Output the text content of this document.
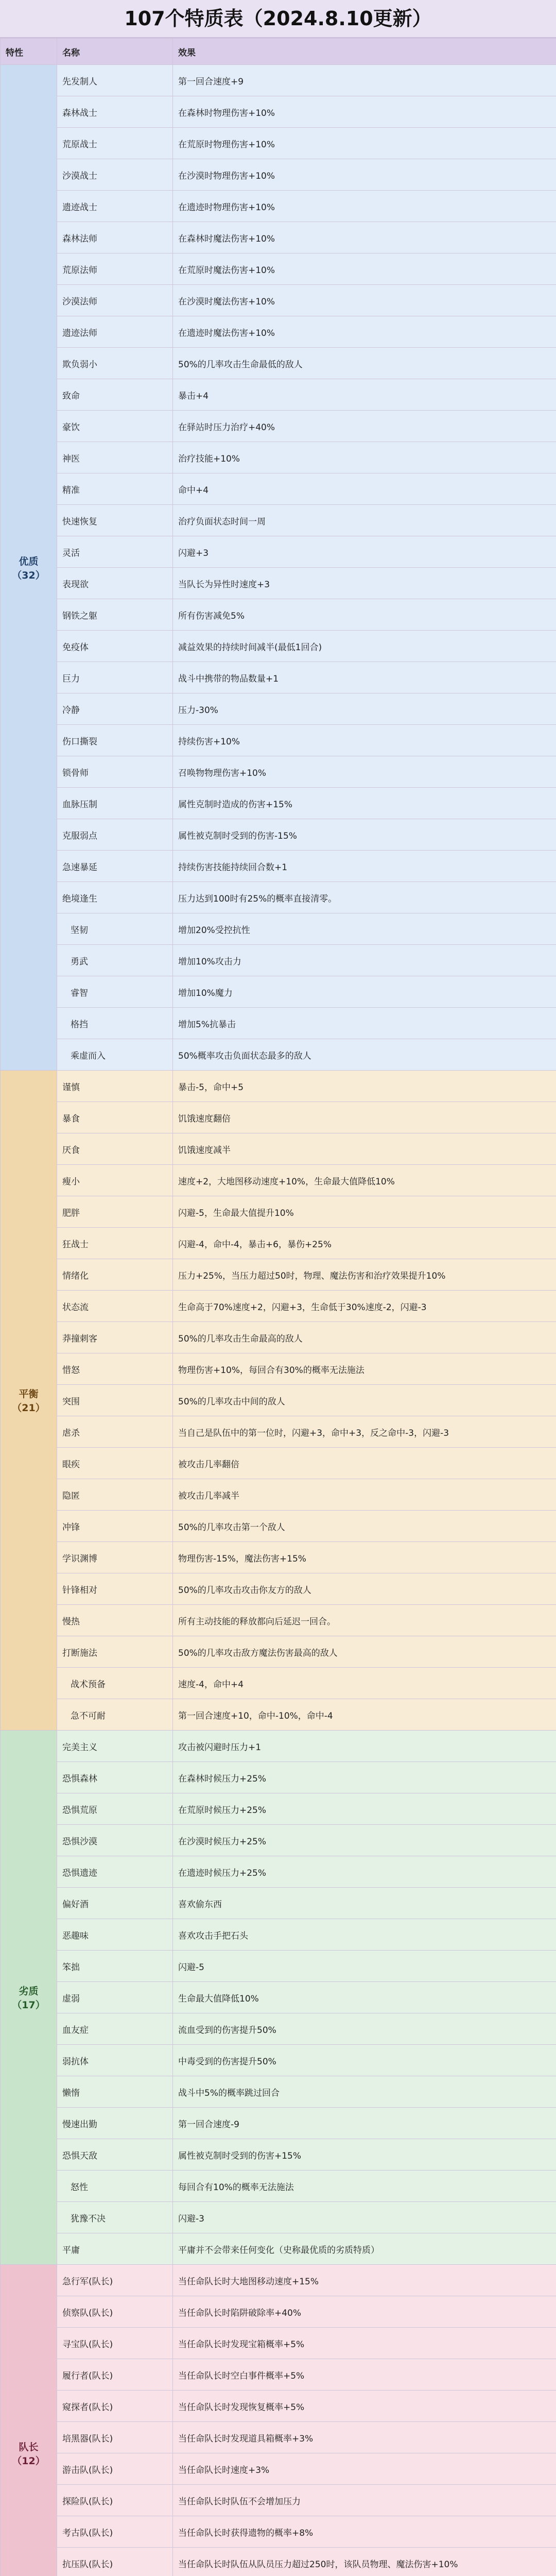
107个特质表（2024.8.10更新）
特性	名称	效果
优质（32）	先发制人	第一回合速度+9
	森林战士	在森林时物理伤害+10%
	荒原战士	在荒原时物理伤害+10%
	沙漠战士	在沙漠时物理伤害+10%
	遗迹战士	在遗迹时物理伤害+10%
	森林法师	在森林时魔法伤害+10%
	荒原法师	在荒原时魔法伤害+10%
	沙漠法师	在沙漠时魔法伤害+10%
	遗迹法师	在遗迹时魔法伤害+10%
	欺负弱小	50%的几率攻击生命最低的敌人
	致命	暴击+4
	豪饮	在驿站时压力治疗+40%
	神医	治疗技能+10%
	精准	命中+4
	快速恢复	治疗负面状态时间一周
	灵活	闪避+3
	表现欲	当队长为异性时速度+3
	钢铁之躯	所有伤害减免5%
	免疫体	减益效果的持续时间减半(最低1回合)
	巨力	战斗中携带的物品数量+1
	冷静	压力-30%
	伤口撕裂	持续伤害+10%
	锁骨师	召唤物物理伤害+10%
	血脉压制	属性克制时造成的伤害+15%
	克服弱点	属性被克制时受到的伤害-15%
	急速暴延	持续伤害技能持续回合数+1
	绝境逢生	压力达到100时有25%的概率直接清零。
	坚韧	增加20%受控抗性
	勇武	增加10%攻击力
	睿智	增加10%魔力
	格挡	增加5%抗暴击
	乘虚而入	50%概率攻击负面状态最多的敌人
平衡（21）	谨慎	暴击-5，命中+5
	暴食	饥饿速度翻倍
	厌食	饥饿速度减半
	瘦小	速度+2，大地图移动速度+10%，生命最大值降低10%
	肥胖	闪避-5，生命最大值提升10%
	狂战士	闪避-4，命中-4，暴击+6，暴伤+25%
	情绪化	压力+25%，当压力超过50时，物理、魔法伤害和治疗效果提升10%
	状态流	生命高于70%速度+2，闪避+3，生命低于30%速度-2，闪避-3
	莽撞刺客	50%的几率攻击生命最高的敌人
	惜怒	物理伤害+10%，每回合有30%的概率无法施法
	突围	50%的几率攻击中间的敌人
	虐杀	当自己是队伍中的第一位时，闪避+3，命中+3，反之命中-3，闪避-3
	眼疾	被攻击几率翻倍
	隐匿	被攻击几率减半
	冲锋	50%的几率攻击第一个敌人
	学识渊博	物理伤害-15%，魔法伤害+15%
	针锋相对	50%的几率攻击攻击你友方的敌人
	慢热	所有主动技能的释放都向后延迟一回合。
	打断施法	50%的几率攻击敌方魔法伤害最高的敌人
	战术预备	速度-4，命中+4
	急不可耐	第一回合速度+10，命中-10%，命中-4
劣质（17）	完美主义	攻击被闪避时压力+1
	恐惧森林	在森林时候压力+25%
	恐惧荒原	在荒原时候压力+25%
	恐惧沙漠	在沙漠时候压力+25%
	恐惧遗迹	在遗迹时候压力+25%
	偏好酒	喜欢偷东西
	恶趣味	喜欢攻击手把石头
	笨拙	闪避-5
	虚弱	生命最大值降低10%
	血友症	流血受到的伤害提升50%
	弱抗体	中毒受到的伤害提升50%
	懒惰	战斗中5%的概率跳过回合
	慢速出勤	第一回合速度-9
	恐惧天敌	属性被克制时受到的伤害+15%
	怒性	每回合有10%的概率无法施法
	犹豫不决	闪避-3
	平庸	平庸并不会带来任何变化（史称最优质的劣质特质）
队长（12）	急行军(队长)	当任命队长时大地图移动速度+15%
	侦察队(队长)	当任命队长时陷阱破除率+40%
	寻宝队(队长)	当任命队长时发现宝箱概率+5%
	履行者(队长)	当任命队长时空白事件概率+5%
	窥探者(队长)	当任命队长时发现恢复概率+5%
	培黑器(队长)	当任命队长时发现道具箱概率+3%
	游击队(队长)	当任命队长时速度+3%
	探险队(队长)	当任命队长时队伍不会增加压力
	考古队(队长)	当任命队长时获得遗物的概率+8%
	抗压队(队长)	当任命队长时队伍从队员压力超过250时，该队员物理、魔法伤害+10%
